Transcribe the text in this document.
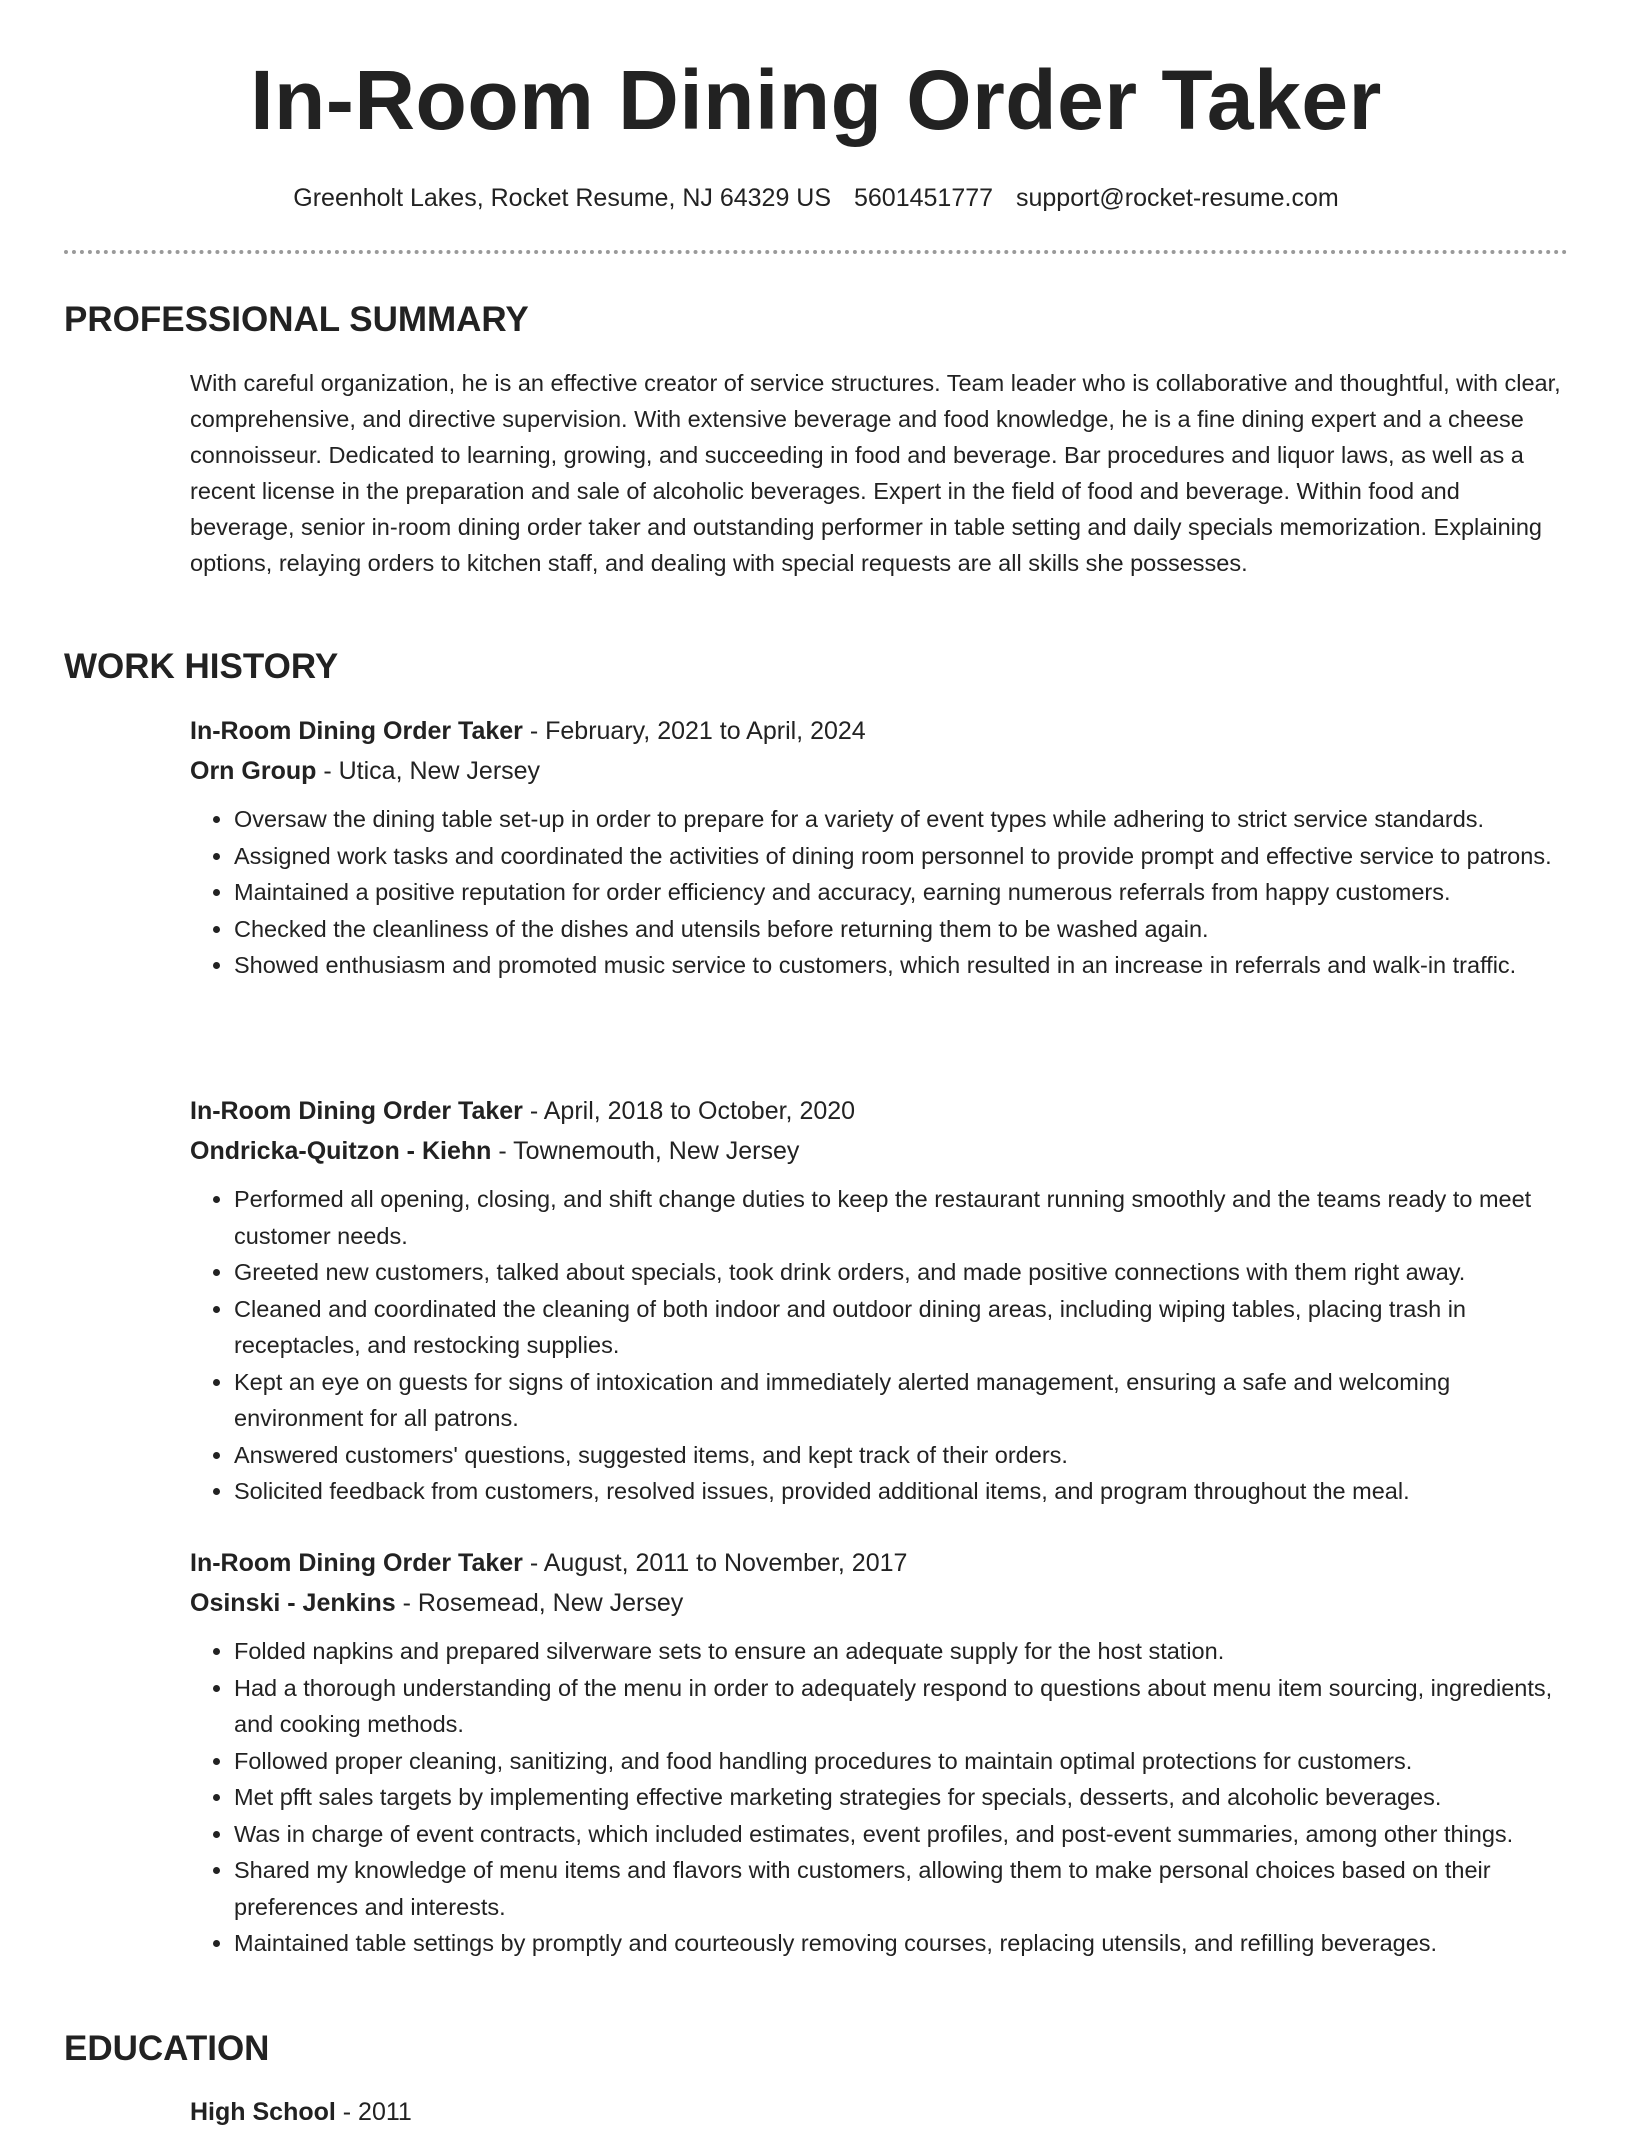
In-Room Dining Order Taker
Greenholt Lakes, Rocket Resume, NJ 64329 US 5601451777 support@rocket-resume.com
PROFESSIONAL SUMMARY

With careful organization, he is an effective creator of service structures. Team leader who is collaborative and thoughtful, with clear, comprehensive, and directive supervision. With extensive beverage and food knowledge, he is a fine dining expert and a cheese connoisseur. Dedicated to learning, growing, and succeeding in food and beverage. Bar procedures and liquor laws, as well as a recent license in the preparation and sale of alcoholic beverages. Expert in the field of food and beverage. Within food and beverage, senior in-room dining order taker and outstanding performer in table setting and daily specials memorization. Explaining options, relaying orders to kitchen staff, and dealing with special requests are all skills she possesses.

WORK HISTORY
In-Room Dining Order Taker - February, 2021 to April, 2024
Orn Group - Utica, New Jersey
• Oversaw the dining table set-up in order to prepare for a variety of event types while adhering to strict service standards.
• Assigned work tasks and coordinated the activities of dining room personnel to provide prompt and effective service to patrons.
• Maintained a positive reputation for order efficiency and accuracy, earning numerous referrals from happy customers.
• Checked the cleanliness of the dishes and utensils before returning them to be washed again.
• Showed enthusiasm and promoted music service to customers, which resulted in an increase in referrals and walk-in traffic.
In-Room Dining Order Taker - April, 2018 to October, 2020
Ondricka-Quitzon - Kiehn - Townemouth, New Jersey
• Performed all opening, closing, and shift change duties to keep the restaurant running smoothly and the teams ready to meet customer needs.
• Greeted new customers, talked about specials, took drink orders, and made positive connections with them right away.
• Cleaned and coordinated the cleaning of both indoor and outdoor dining areas, including wiping tables, placing trash in receptacles, and restocking supplies.
• Kept an eye on guests for signs of intoxication and immediately alerted management, ensuring a safe and welcoming environment for all patrons.
• Answered customers' questions, suggested items, and kept track of their orders.
• Solicited feedback from customers, resolved issues, provided additional items, and program throughout the meal.
In-Room Dining Order Taker - August, 2011 to November, 2017
Osinski - Jenkins - Rosemead, New Jersey
• Folded napkins and prepared silverware sets to ensure an adequate supply for the host station.
• Had a thorough understanding of the menu in order to adequately respond to questions about menu item sourcing, ingredients, and cooking methods.
• Followed proper cleaning, sanitizing, and food handling procedures to maintain optimal protections for customers.
• Met pfft sales targets by implementing effective marketing strategies for specials, desserts, and alcoholic beverages.
• Was in charge of event contracts, which included estimates, event profiles, and post-event summaries, among other things.
• Shared my knowledge of menu items and flavors with customers, allowing them to make personal choices based on their preferences and interests.
• Maintained table settings by promptly and courteously removing courses, replacing utensils, and refilling beverages.
EDUCATION
High School - 2011
